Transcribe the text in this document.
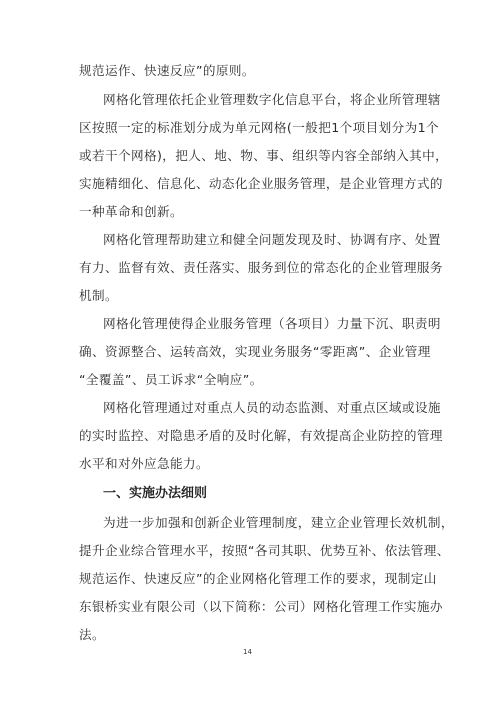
规范运作、快速反应”的原则。
网格化管理依托企业管理数字化信息平台，将企业所管理辖
区按照一定的标准划分成为单元网格(一般把1个项目划分为1个
或若干个网格)，把人、地、物、事、组织等内容全部纳入其中，
实施精细化、信息化、动态化企业服务管理，是企业管理方式的
一种革命和创新。
网格化管理帮助建立和健全问题发现及时、协调有序、处置
有力、监督有效、责任落实、服务到位的常态化的企业管理服务
机制。
网格化管理使得企业服务管理（各项目）力量下沉、职责明
确、资源整合、运转高效，实现业务服务“零距离”、企业管理
“全覆盖”、员工诉求“全响应”。
网格化管理通过对重点人员的动态监测、对重点区域或设施
的实时监控、对隐患矛盾的及时化解，有效提高企业防控的管理
水平和对外应急能力。
一、实施办法细则
为进一步加强和创新企业管理制度，建立企业管理长效机制，
提升企业综合管理水平，按照“各司其职、优势互补、依法管理、
规范运作、快速反应”的企业网格化管理工作的要求，现制定山
东银桥实业有限公司（以下简称：公司）网格化管理工作实施办
法。
14
